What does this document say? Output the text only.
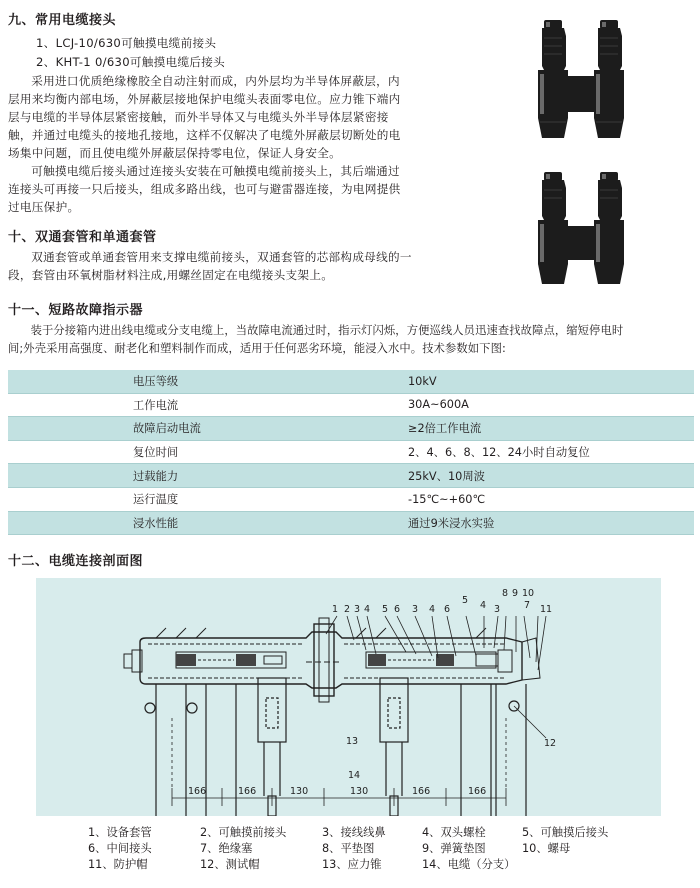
九、常用电缆接头
1、LCJ-10/630可触摸电缆前接头
2、KHT-1 0/630可触摸电缆后接头
采用进口优质绝缘橡胶全自动注射而成，内外层均为半导体屏蔽层，内
层用来均衡内部电场，外屏蔽层接地保护电缆头表面零电位。应力锥下端内
层与电缆的半导体层紧密接触，而外半导体又与电缆头外半导体层紧密接
触，并通过电缆头的接地孔接地，这样不仅解决了电缆外屏蔽层切断处的电
场集中问题，而且使电缆外屏蔽层保持零电位，保证人身安全。
可触摸电缆后接头通过连接头安装在可触摸电缆前接头上，其后端通过
连接头可再接一只后接头，组成多路出线，也可与避雷器连接，为电网提供
过电压保护。
十、双通套管和单通套管
双通套管或单通套管用来支撑电缆前接头，双通套管的芯部构成母线的一
段，套管由环氧树脂材料注成,用螺丝固定在电缆接头支架上。
十一、短路故障指示器
装于分接箱内进出线电缆或分支电缆上，当故障电流通过时，指示灯闪烁，方便巡线人员迅速查找故障点，缩短停电时
间;外壳采用高强度、耐老化和塑料制作而成，适用于任何恶劣环境，能浸入水中。技术参数如下图:
电压等级	10kV
工作电流	30A~600A
故障启动电流	≥2倍工作电流
复位时间	2、4、6、8、12、24小时自动复位
过载能力	25kV、10周波
运行温度	-15℃~+60℃
浸水性能	通过9米浸水实验
十二、电缆连接剖面图
1 2 3 4 5 6 3 4 6
5 4 3
8 9 10
7 11
12
13
14
166	166	130	130	166	166
1、设备套管	2、可触摸前接头	3、接线线鼻	4、双头螺栓	5、可触摸后接头
6、中间接头	7、绝缘塞	8、平垫图	9、弹簧垫图	10、螺母
11、防护帽	12、测试帽	13、应力锥	14、电缆（分支）
